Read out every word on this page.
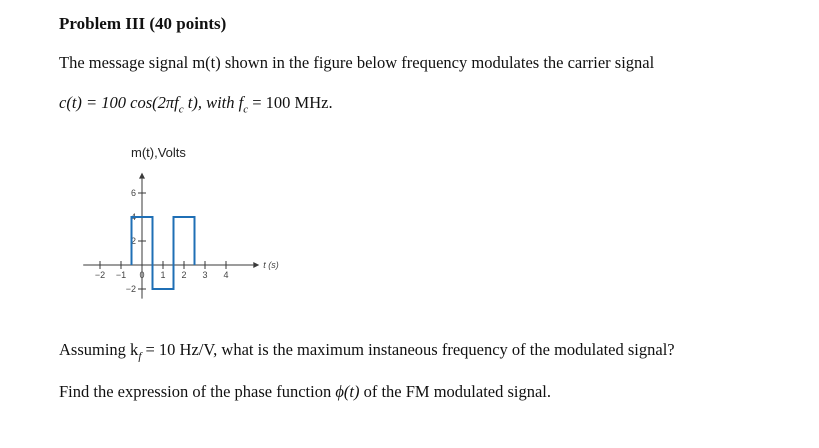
Problem III (40 points)
The message signal m(t) shown in the figure below frequency modulates the carrier signal
c(t) = 100 $\cos(2\pi f_c$ t), with $f_c = 100$ MHz.
m(t),Volts
6
4
2
−2
−2 −1 0 1 2 3 4
t (s)
Assuming $k_f = 10$ Hz/V, what is the maximum instaneous frequency of the modulated signal?
Find the expression of the phase function ϕ(t) of the FM modulated signal.
